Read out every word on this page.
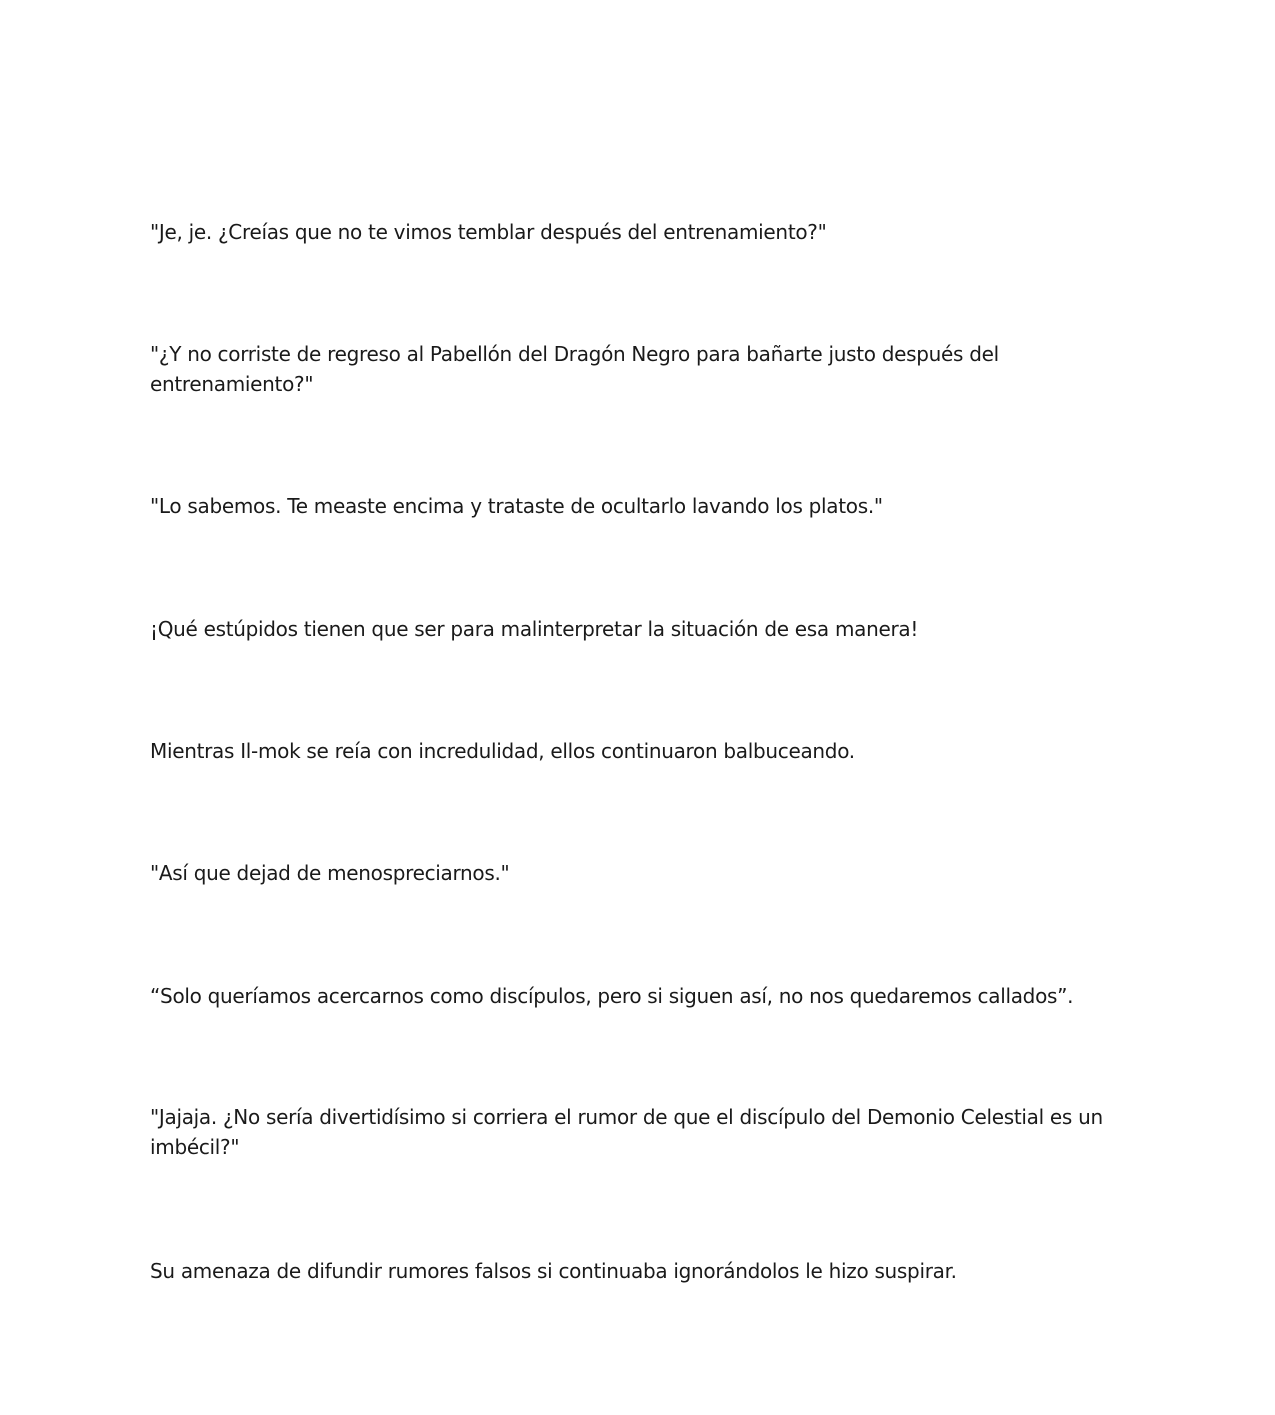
"Je, je. ¿Creías que no te vimos temblar después del entrenamiento?"

"¿Y no corriste de regreso al Pabellón del Dragón Negro para bañarte justo después del entrenamiento?"

"Lo sabemos. Te measte encima y trataste de ocultarlo lavando los platos."

¡Qué estúpidos tienen que ser para malinterpretar la situación de esa manera!

Mientras Il-mok se reía con incredulidad, ellos continuaron balbuceando.

"Así que dejad de menospreciarnos."

“Solo queríamos acercarnos como discípulos, pero si siguen así, no nos quedaremos callados”.

"Jajaja. ¿No sería divertidísimo si corriera el rumor de que el discípulo del Demonio Celestial es un imbécil?"

Su amenaza de difundir rumores falsos si continuaba ignorándolos le hizo suspirar.
